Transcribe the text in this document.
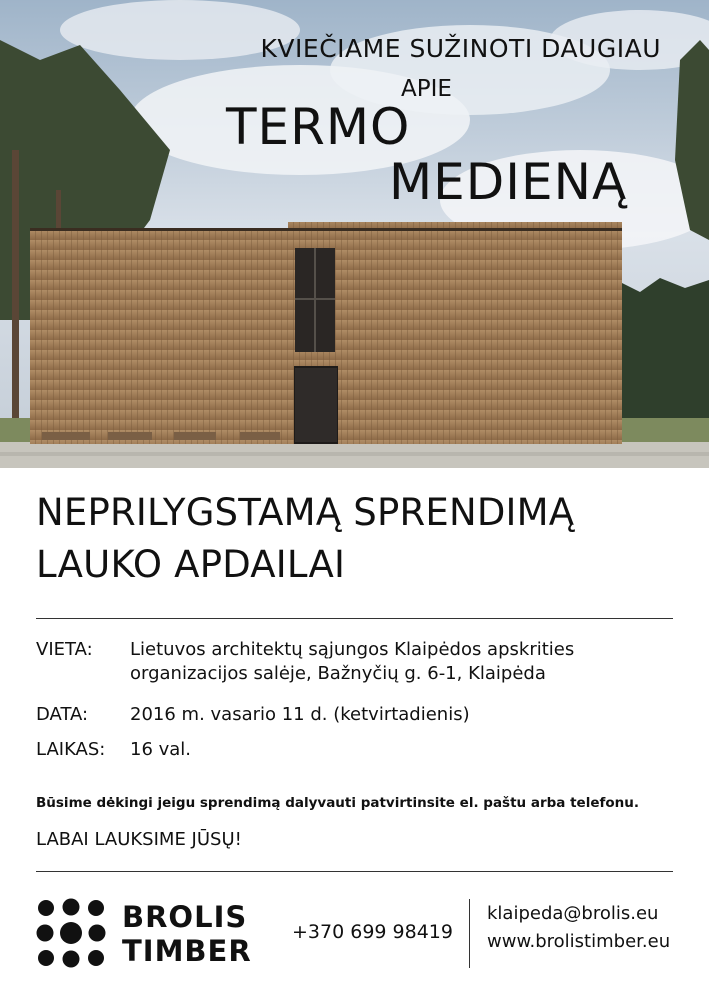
KVIEČIAME SUŽINOTI DAUGIAU
APIE
TERMO
MEDIENĄ
NEPRILYGSTAMĄ SPRENDIMĄ
LAUKO APDAILAI
VIETA: Lietuvos architektų sąjungos Klaipėdos apskrities
organizacijos salėje, Bažnyčių g. 6-1, Klaipėda
DATA: 2016 m. vasario 11 d. (ketvirtadienis)
LAIKAS: 16 val.
Būsime dėkingi jeigu sprendimą dalyvauti patvirtinsite el. paštu arba telefonu.
LABAI LAUKSIME JŪSŲ!
BROLIS
TIMBER
+370 699 98419
klaipeda@brolis.eu
www.brolistimber.eu
